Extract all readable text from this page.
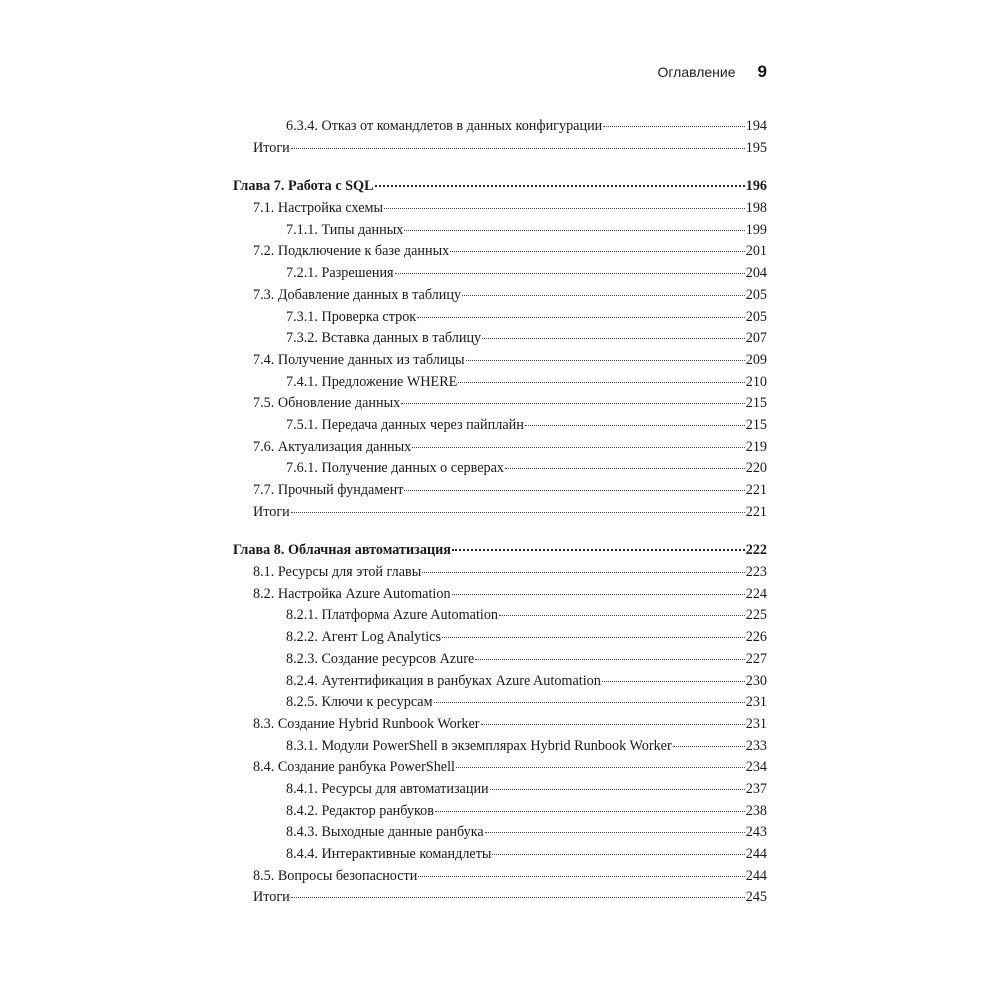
Оглавление 9
6.3.4. Отказ от командлетов в данных конфигурации	194
Итоги	195
Глава 7. Работа с SQL	196
7.1. Настройка схемы	198
7.1.1. Типы данных	199
7.2. Подключение к базе данных	201
7.2.1. Разрешения	204
7.3. Добавление данных в таблицу	205
7.3.1. Проверка строк	205
7.3.2. Вставка данных в таблицу	207
7.4. Получение данных из таблицы	209
7.4.1. Предложение WHERE	210
7.5. Обновление данных	215
7.5.1. Передача данных через пайплайн	215
7.6. Актуализация данных	219
7.6.1. Получение данных о серверах	220
7.7. Прочный фундамент	221
Итоги	221
Глава 8. Облачная автоматизация	222
8.1. Ресурсы для этой главы	223
8.2. Настройка Azure Automation	224
8.2.1. Платформа Azure Automation	225
8.2.2. Агент Log Analytics	226
8.2.3. Создание ресурсов Azure	227
8.2.4. Аутентификация в ранбуках Azure Automation	230
8.2.5. Ключи к ресурсам	231
8.3. Создание Hybrid Runbook Worker	231
8.3.1. Модули PowerShell в экземплярах Hybrid Runbook Worker	233
8.4. Создание ранбука PowerShell	234
8.4.1. Ресурсы для автоматизации	237
8.4.2. Редактор ранбуков	238
8.4.3. Выходные данные ранбука	243
8.4.4. Интерактивные командлеты	244
8.5. Вопросы безопасности	244
Итоги	245
